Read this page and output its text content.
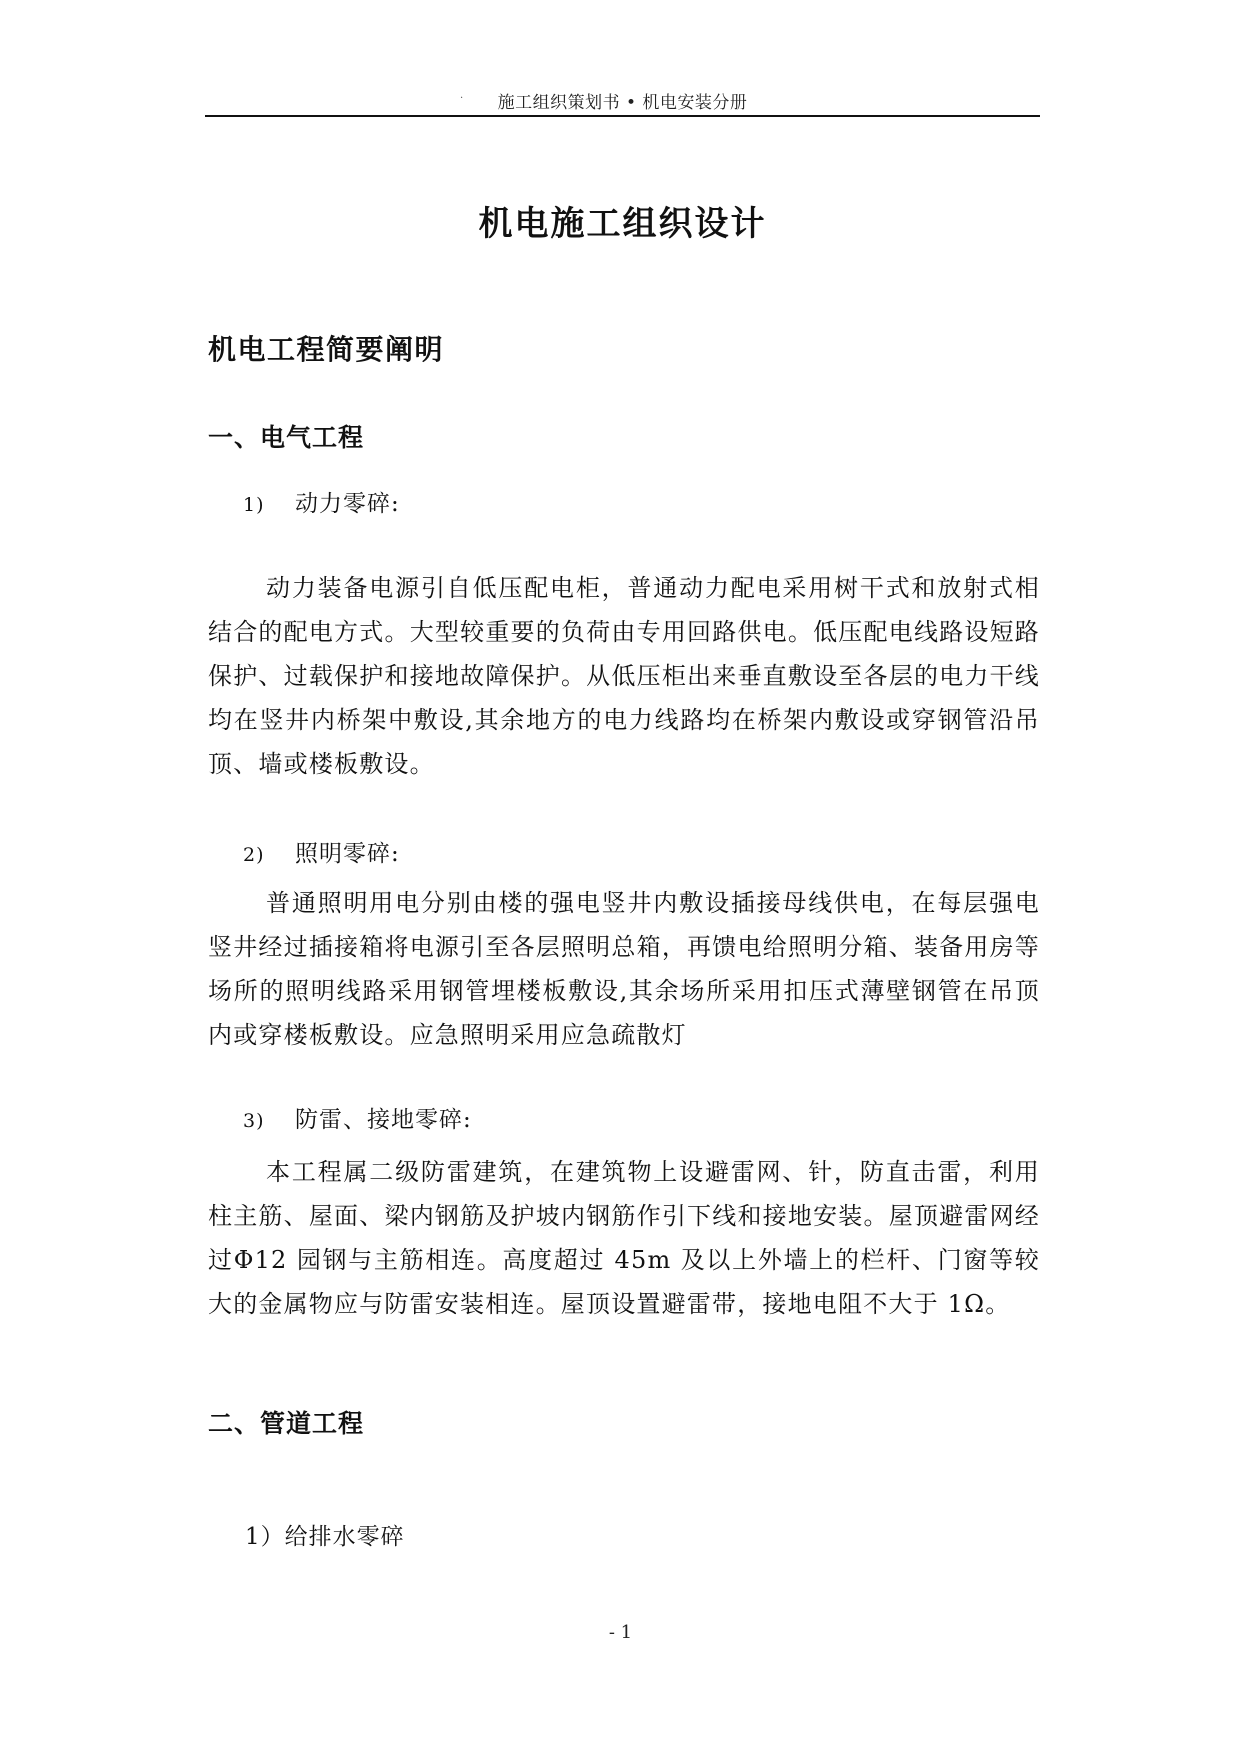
. 施工组织策划书 • 机电安装分册
机电施工组织设计
机电工程简要阐明
一、电气工程
1) 动力零碎:

动力装备电源引自低压配电柜，普通动力配电采用树干式和放射式相结合的配电方式。大型较重要的负荷由专用回路供电。低压配电线路设短路保护、过载保护和接地故障保护。从低压柜出来垂直敷设至各层的电力干线均在竖井内桥架中敷设,其余地方的电力线路均在桥架内敷设或穿钢管沿吊顶、墙或楼板敷设。

2) 照明零碎:

普通照明用电分别由楼的强电竖井内敷设插接母线供电，在每层强电竖井经过插接箱将电源引至各层照明总箱，再馈电给照明分箱、装备用房等场所的照明线路采用钢管埋楼板敷设,其余场所采用扣压式薄壁钢管在吊顶内或穿楼板敷设。应急照明采用应急疏散灯

3) 防雷、接地零碎:

本工程属二级防雷建筑，在建筑物上设避雷网、针，防直击雷，利用柱主筋、屋面、梁内钢筋及护坡内钢筋作引下线和接地安装。屋顶避雷网经过Φ12 园钢与主筋相连。高度超过 45m 及以上外墙上的栏杆、门窗等较大的金属物应与防雷安装相连。屋顶设置避雷带，接地电阻不大于 1Ω。

二、管道工程
1）给排水零碎
- 1
